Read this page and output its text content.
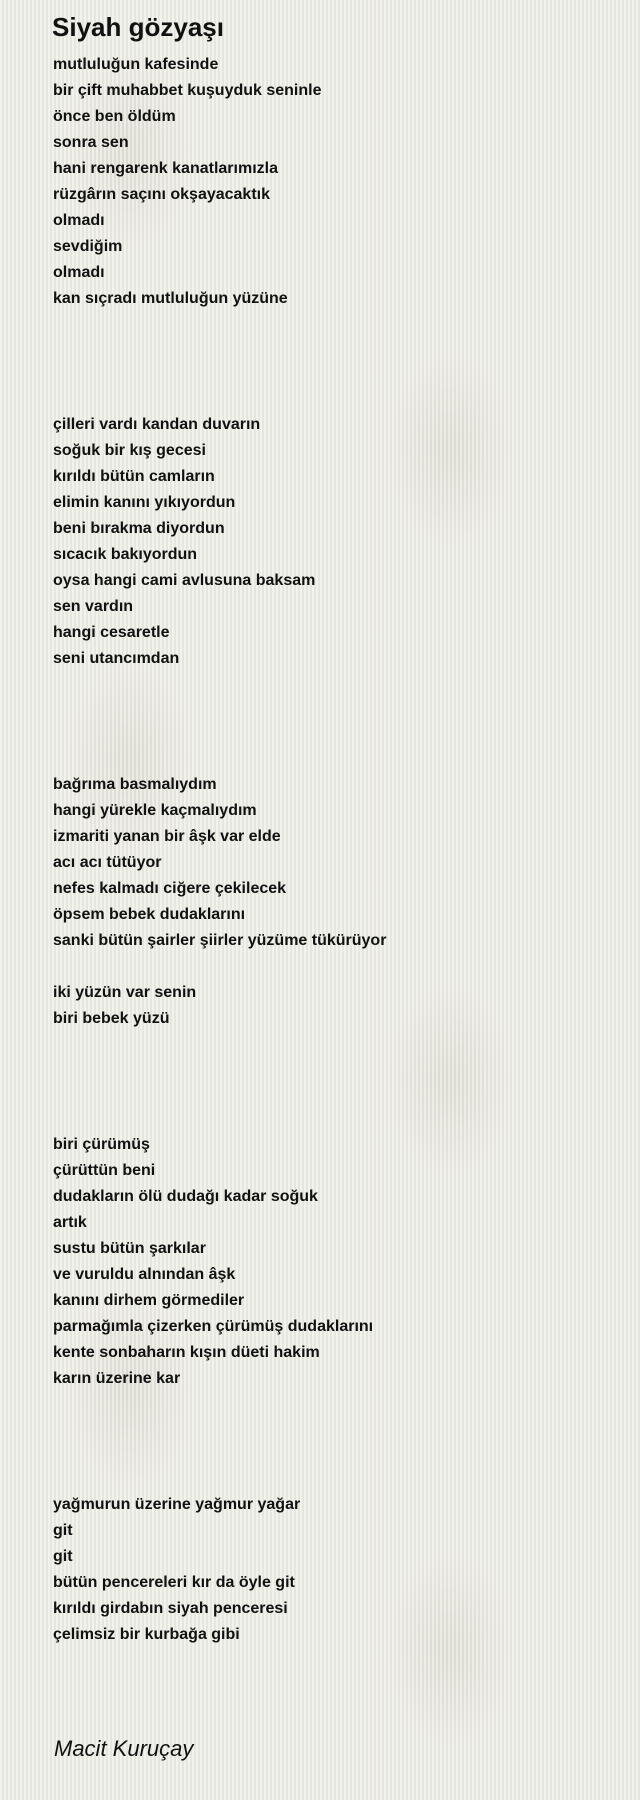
Siyah gözyaşı
mutluluğun kafesinde
bir çift muhabbet kuşuyduk seninle
önce ben öldüm
sonra sen
hani rengarenk kanatlarımızla
rüzgârın saçını okşayacaktık
olmadı
sevdiğim
olmadı
kan sıçradı mutluluğun yüzüne
çilleri vardı kandan duvarın
soğuk bir kış gecesi
kırıldı bütün camların
elimin kanını yıkıyordun
beni bırakma diyordun
sıcacık bakıyordun
oysa hangi cami avlusuna baksam
sen vardın
hangi cesaretle
seni utancımdan
bağrıma basmalıydım
hangi yürekle kaçmalıydım
izmariti yanan bir âşk var elde
acı acı tütüyor
nefes kalmadı ciğere çekilecek
öpsem bebek dudaklarını
sanki bütün şairler şiirler yüzüme tükürüyor
iki yüzün var senin
biri bebek yüzü
biri çürümüş
çürüttün beni
dudakların ölü dudağı kadar soğuk
artık
sustu bütün şarkılar
ve vuruldu alnından âşk
kanını dirhem görmediler
parmağımla çizerken çürümüş dudaklarını
kente sonbaharın kışın düeti hakim
karın üzerine kar
yağmurun üzerine yağmur yağar
git
git
bütün pencereleri kır da öyle git
kırıldı girdabın siyah penceresi
çelimsiz bir kurbağa gibi
Macit Kuruçay
